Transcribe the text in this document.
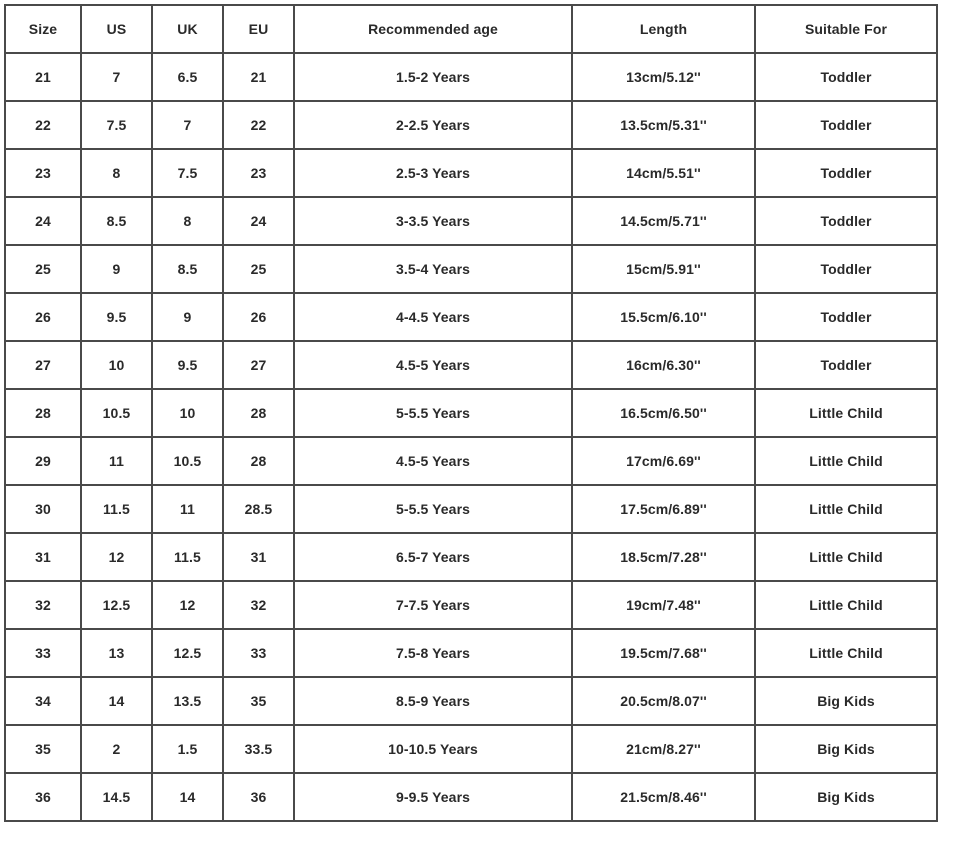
Size	US	UK	EU	Recommended age	Length	Suitable For
21	7	6.5	21	1.5-2 Years	13cm/5.12''	Toddler
22	7.5	7	22	2-2.5 Years	13.5cm/5.31''	Toddler
23	8	7.5	23	2.5-3 Years	14cm/5.51''	Toddler
24	8.5	8	24	3-3.5 Years	14.5cm/5.71''	Toddler
25	9	8.5	25	3.5-4 Years	15cm/5.91''	Toddler
26	9.5	9	26	4-4.5 Years	15.5cm/6.10''	Toddler
27	10	9.5	27	4.5-5 Years	16cm/6.30''	Toddler
28	10.5	10	28	5-5.5 Years	16.5cm/6.50''	Little Child
29	11	10.5	28	4.5-5 Years	17cm/6.69''	Little Child
30	11.5	11	28.5	5-5.5 Years	17.5cm/6.89''	Little Child
31	12	11.5	31	6.5-7 Years	18.5cm/7.28''	Little Child
32	12.5	12	32	7-7.5 Years	19cm/7.48''	Little Child
33	13	12.5	33	7.5-8 Years	19.5cm/7.68''	Little Child
34	14	13.5	35	8.5-9 Years	20.5cm/8.07''	Big Kids
35	2	1.5	33.5	10-10.5 Years	21cm/8.27''	Big Kids
36	14.5	14	36	9-9.5 Years	21.5cm/8.46''	Big Kids
